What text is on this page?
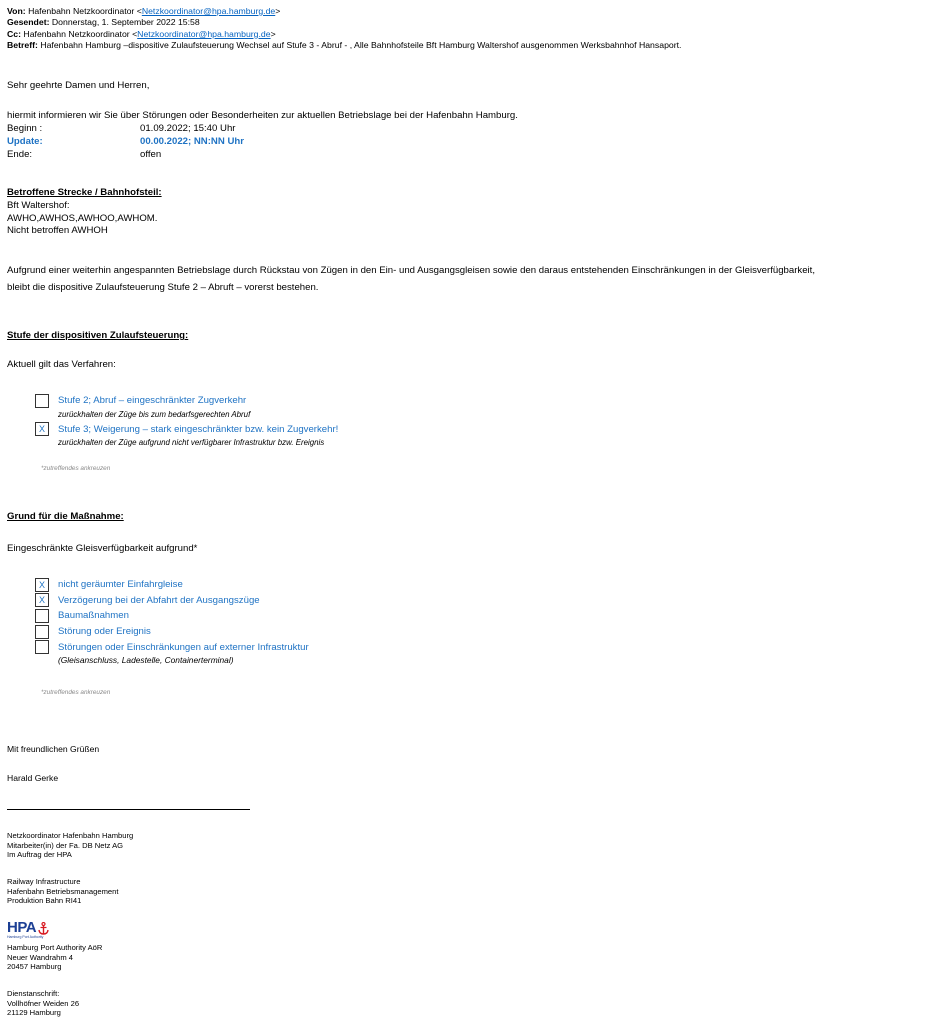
Von: Hafenbahn Netzkoordinator <Netzkoordinator@hpa.hamburg.de>
Gesendet: Donnerstag, 1. September 2022 15:58
Cc: Hafenbahn Netzkoordinator <Netzkoordinator@hpa.hamburg.de>
Betreff: Hafenbahn Hamburg –dispositive Zulaufsteuerung Wechsel auf Stufe 3 - Abruf - , Alle Bahnhofsteile Bft Hamburg Waltershof ausgenommen Werksbahnhof Hansaport.
Sehr geehrte Damen und Herren,
hiermit informieren wir Sie über Störungen oder Besonderheiten zur aktuellen Betriebslage bei der Hafenbahn Hamburg.
Beginn :	01.09.2022; 15:40 Uhr
Update:	00.00.2022; NN:NN Uhr
Ende:	offen
Betroffene Strecke / Bahnhofsteil:
Bft Waltershof:
AWHO,AWHOS,AWHOO,AWHOM.
Nicht betroffen AWHOH
Aufgrund einer weiterhin angespannten Betriebslage durch Rückstau von Zügen in den Ein- und Ausgangsgleisen sowie den daraus entstehenden Einschränkungen in der Gleisverfügbarkeit,
bleibt die dispositive Zulaufsteuerung Stufe 2 – Abruft – vorerst bestehen.
Stufe der dispositiven Zulaufsteuerung:
Aktuell gilt das Verfahren:
Stufe 2; Abruf – eingeschränkter Zugverkehr
zurückhalten der Züge bis zum bedarfsgerechten Abruf
X	Stufe 3; Weigerung – stark eingeschränkter bzw. kein Zugverkehr!
zurückhalten der Züge aufgrund nicht verfügbarer Infrastruktur bzw. Ereignis
*zutreffendes ankreuzen
Grund für die Maßnahme:
Eingeschränkte Gleisverfügbarkeit aufgrund*
X	nicht geräumter Einfahrgleise
X	Verzögerung bei der Abfahrt der Ausgangszüge
Baumaßnahmen
Störung oder Ereignis
Störungen oder Einschränkungen auf externer Infrastruktur
(Gleisanschluss, Ladestelle, Containerterminal)
*zutreffendes ankreuzen
Mit freundlichen Grüßen
Harald Gerke
Netzkoordinator Hafenbahn Hamburg
Mitarbeiter(in) der Fa. DB Netz AG
Im Auftrag der HPA
Railway Infrastructure
Hafenbahn Betriebsmanagement
Produktion Bahn RI41
HPA
Hamburg Port Authority
Hamburg Port Authority AöR
Neuer Wandrahm 4
20457 Hamburg
Dienstanschrift:
Vollhöfner Weiden 26
21129 Hamburg
